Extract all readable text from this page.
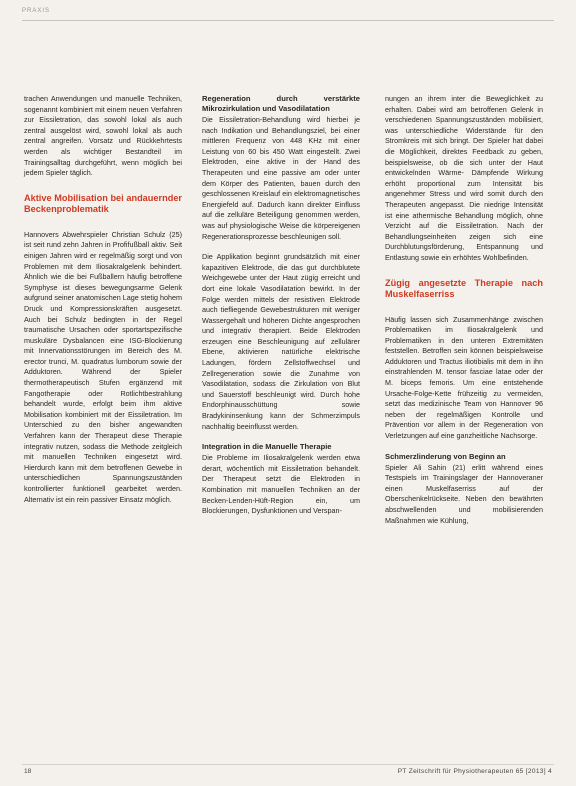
PRAXIS

trachen Anwendungen und manuelle Techniken, sogenannt kombiniert mit einem neuen Verfahren zur Eissiletration, das sowohl lokal als auch zentral ausgelöst wird, sowohl lokal als auch zentral angreifen. Vorsatz und Rückkehrtests werden als wichtiger Bestandteil im Trainingsalltag durchgeführt, wenn möglich bei jedem Spieler täglich.

Aktive Mobilisation bei andauernder Beckenproblematik

Hannovers Abwehrspieler Christian Schulz (25) ist seit rund zehn Jahren in Profifußball aktiv. Seit einigen Jahren wird er regelmäßig sorgt und von Problemen mit dem Iliosakralgelenk behindert. Ähnlich wie die bei Fußballern häufig betroffene Symphyse ist dieses bewegungsarme Gelenk aufgrund seiner anatomischen Lage stetig hohem Druck und Kompressionskräften ausgesetzt. Auch bei Schulz bedingten in der Regel traumatische Ursachen oder sportartspezifische muskuläre Dysbalancen eine ISG-Blockierung mit Innervationsstörungen im Bereich des M. erector trunci, M. quadratus lumborum sowie der Adduktoren. Während der Spieler thermotherapeutisch Stufen ergänzend mit Fangotherapie oder Rotlichtbestrahlung behandelt wurde, erfolgt beim ihm aktive Mobilisation kombiniert mit der Eissiletration. Im Unterschied zu den bisher angewandten Verfahren kann der Therapeut diese Therapie integrativ nutzen, sodass die Methode zeitgleich mit manuellen Techniken eingesetzt wird. Hierdurch kann mit dem betroffenen Gewebe in unterschiedlichen Spannungszuständen kontrollierter funktionell gearbeitet werden. Alternativ ist ein rein passiver Einsatz möglich.

Regeneration durch verstärkte Mikrozirkulation und Vasodilatation

Die Eissiletration-Behandlung wird hierbei je nach Indikation und Behandlungsziel, bei einer mittleren Frequenz von 448 KHz mit einer Leistung von 60 bis 450 Watt eingestellt. Zwei Elektroden, eine aktive in der Hand des Therapeuten und eine passive am oder unter dem Körper des Patienten, bauen durch den geschlossenen Kreislauf ein elektromagnetisches Energiefeld auf. Dadurch kann direkter Einfluss auf die zelluläre Beteiligung genommen werden, was auf physiologische Weise die körpereigenen Regenerationsprozesse beschleunigen soll.

Die Applikation beginnt grundsätzlich mit einer kapazitiven Elektrode, die das gut durchblutete Weichgewebe unter der Haut zügig erreicht und dort eine lokale Vasodilatation bewirkt. In der Folge werden mittels der resistiven Elektrode auch tiefliegende Gewebestrukturen mit weniger Wassergehalt und höheren Dichte angesprochen und integrativ therapiert. Beide Elektroden erzeugen eine Beschleunigung auf zellulärer Ebene, aktivieren natürliche elektrische Ladungen, fördern Zellstoffwechsel und Zellregeneration sowie die Zunahme von Vasodilatation, sodass die Zirkulation von Blut und Sauerstoff beschleunigt wird. Durch hohe Endorphinausschüttung sowie Bradykininsenkung kann der Schmerzimpuls nachhaltig beeinflusst werden.

Integration in die Manuelle Therapie

Die Probleme im Iliosakralgelenk werden etwa derart, wöchentlich mit Eissiletration behandelt. Der Therapeut setzt die Elektroden in Kombination mit manuellen Techniken an der Becken-Lenden-Hüft-Region ein, um Blockierungen, Dysfunktionen und Verspan-

nungen an ihrem inter die Beweglichkeit zu erhalten. Dabei wird am betroffenen Gelenk in verschiedenen Spannungszuständen mobilisiert, was unterschiedliche Widerstände für den Stromkreis mit sich bringt. Der Spieler hat dabei die Möglichkeit, direktes Feedback zu geben, beispielsweise, ob die sich unter der Haut entwickelnden Wärme- Dämpfende Wirkung erhöht proportional zum Intensität bis angenehmer Stress und wird somit durch den Therapeuten angepasst. Die niedrige Intensität ist eine athermische Behandlung möglich, ohne Verzicht auf die Eissiletration. Nach der Behandlungseinheiten zeigen sich eine Durchblutungsförderung, Entspannung und Entlastung sowie ein erhöhtes Wohlbefinden.

Zügig angesetzte Therapie nach Muskelfaserriss

Häufig lassen sich Zusammenhänge zwischen Problematiken im Iliosakralgelenk und Problematiken in den unteren Extremitäten feststellen. Betroffen sein können beispielsweise Adduktoren und Tractus iliotibialis mit dem in ihn einstrahlenden M. tensor fasciae latae oder der M. biceps femoris. Um eine entstehende Ursache-Folge-Kette frühzeitig zu vermeiden, setzt das medizinische Team von Hannover 96 neben der regelmäßigen Kontrolle und Prävention vor allem in der Regeneration von Verletzungen auf eine ganzheitliche Nachsorge.

Schmerzlinderung von Beginn an

Spieler Ali Sahin (21) erlitt während eines Testspiels im Trainingslager der Hannoveraner einen Muskelfaserriss auf der Oberschenkelrückseite. Neben den bewährten abschwellenden und mobilisierenden Maßnahmen wie Kühlung,

18	PT Zeitschrift für Physiotherapeuten 65 [2013] 4
